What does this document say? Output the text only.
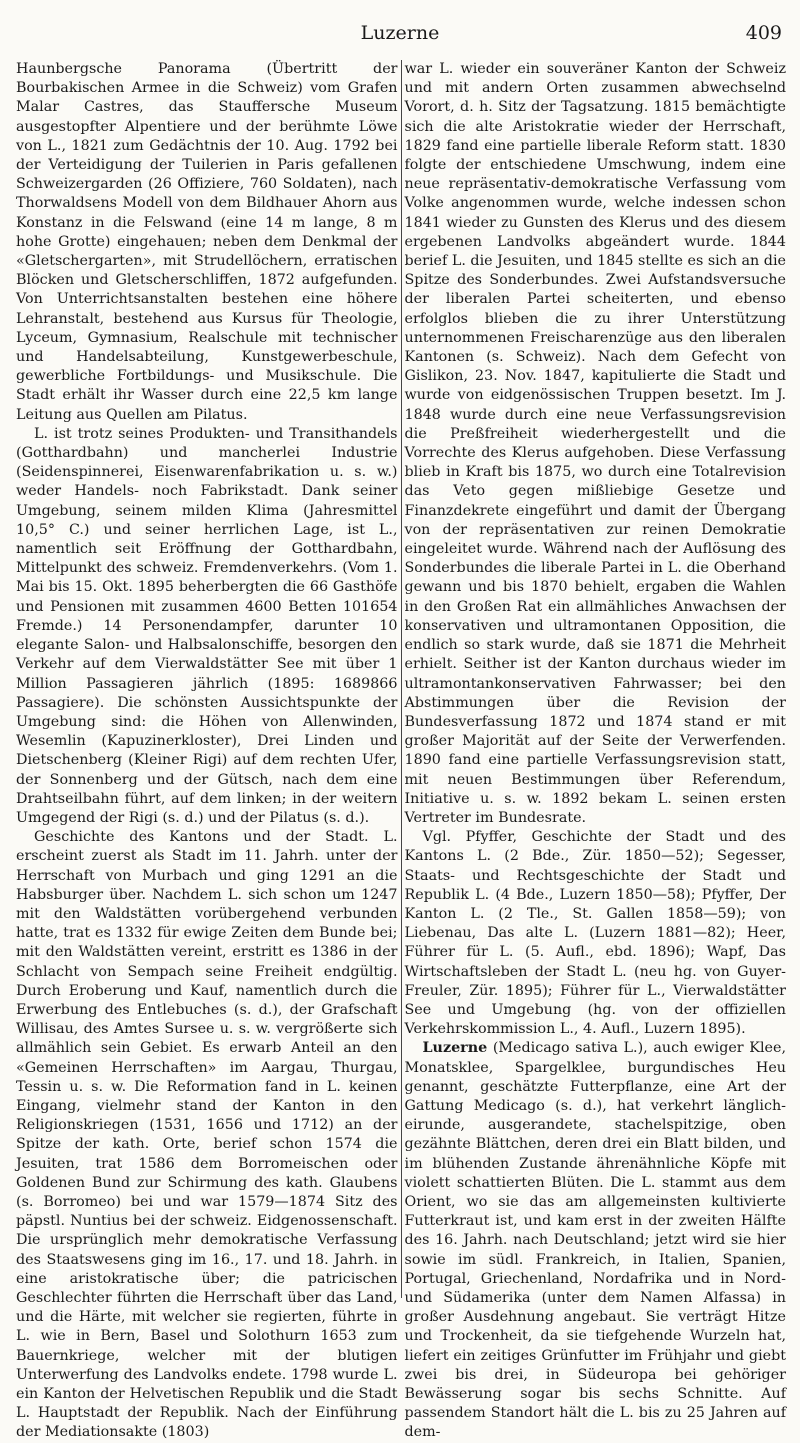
Luzerne	409

Haunbergsche Panorama (Übertritt der Bourbakischen Armee in die Schweiz) vom Grafen Malar Castres, das Stauffersche Museum ausgestopfter Alpentiere und der berühmte Löwe von L., 1821 zum Gedächtnis der 10. Aug. 1792 bei der Verteidigung der Tuilerien in Paris gefallenen Schweizergarden (26 Offiziere, 760 Soldaten), nach Thorwaldsens Modell von dem Bildhauer Ahorn aus Konstanz in die Felswand (eine 14 m lange, 8 m hohe Grotte) eingehauen; neben dem Denkmal der «Gletschergarten», mit Strudellöchern, erratischen Blöcken und Gletscherschliffen, 1872 aufgefunden. Von Unterrichtsanstalten bestehen eine höhere Lehranstalt, bestehend aus Kursus für Theologie, Lyceum, Gymnasium, Realschule mit technischer und Handelsabteilung, Kunstgewerbeschule, gewerbliche Fortbildungs- und Musikschule. Die Stadt erhält ihr Wasser durch eine 22,5 km lange Leitung aus Quellen am Pilatus.

L. ist trotz seines Produkten- und Transithandels (Gotthardbahn) und mancherlei Industrie (Seidenspinnerei, Eisenwarenfabrikation u. s. w.) weder Handels- noch Fabrikstadt. Dank seiner Umgebung, seinem milden Klima (Jahresmittel 10,5° C.) und seiner herrlichen Lage, ist L., namentlich seit Eröffnung der Gotthardbahn, Mittelpunkt des schweiz. Fremdenverkehrs. (Vom 1. Mai bis 15. Okt. 1895 beherbergten die 66 Gasthöfe und Pensionen mit zusammen 4600 Betten 101654 Fremde.) 14 Personendampfer, darunter 10 elegante Salon- und Halbsalonschiffe, besorgen den Verkehr auf dem Vierwaldstätter See mit über 1 Million Passagieren jährlich (1895: 1689866 Passagiere). Die schönsten Aussichtspunkte der Umgebung sind: die Höhen von Allenwinden, Wesemlin (Kapuzinerkloster), Drei Linden und Dietschenberg (Kleiner Rigi) auf dem rechten Ufer, der Sonnenberg und der Gütsch, nach dem eine Drahtseilbahn führt, auf dem linken; in der weitern Umgegend der Rigi (s. d.) und der Pilatus (s. d.).

Geschichte des Kantons und der Stadt. L. erscheint zuerst als Stadt im 11. Jahrh. unter der Herrschaft von Murbach und ging 1291 an die Habsburger über. Nachdem L. sich schon um 1247 mit den Waldstätten vorübergehend verbunden hatte, trat es 1332 für ewige Zeiten dem Bunde bei; mit den Waldstätten vereint, erstritt es 1386 in der Schlacht von Sempach seine Freiheit endgültig. Durch Eroberung und Kauf, namentlich durch die Erwerbung des Entlebuches (s. d.), der Grafschaft Willisau, des Amtes Sursee u. s. w. vergrößerte sich allmählich sein Gebiet. Es erwarb Anteil an den «Gemeinen Herrschaften» im Aargau, Thurgau, Tessin u. s. w. Die Reformation fand in L. keinen Eingang, vielmehr stand der Kanton in den Religionskriegen (1531, 1656 und 1712) an der Spitze der kath. Orte, berief schon 1574 die Jesuiten, trat 1586 dem Borromeischen oder Goldenen Bund zur Schirmung des kath. Glaubens (s. Borromeo) bei und war 1579—1874 Sitz des päpstl. Nuntius bei der schweiz. Eidgenossenschaft. Die ursprünglich mehr demokratische Verfassung des Staatswesens ging im 16., 17. und 18. Jahrh. in eine aristokratische über; die patricischen Geschlechter führten die Herrschaft über das Land, und die Härte, mit welcher sie regierten, führte in L. wie in Bern, Basel und Solothurn 1653 zum Bauernkriege, welcher mit der blutigen Unterwerfung des Landvolks endete. 1798 wurde L. ein Kanton der Helvetischen Republik und die Stadt L. Hauptstadt der Republik. Nach der Einführung der Mediationsakte (1803)

war L. wieder ein souveräner Kanton der Schweiz und mit andern Orten zusammen abwechselnd Vorort, d. h. Sitz der Tagsatzung. 1815 bemächtigte sich die alte Aristokratie wieder der Herrschaft, 1829 fand eine partielle liberale Reform statt. 1830 folgte der entschiedene Umschwung, indem eine neue repräsentativ-demokratische Verfassung vom Volke angenommen wurde, welche indessen schon 1841 wieder zu Gunsten des Klerus und des diesem ergebenen Landvolks abgeändert wurde. 1844 berief L. die Jesuiten, und 1845 stellte es sich an die Spitze des Sonderbundes. Zwei Aufstandsversuche der liberalen Partei scheiterten, und ebenso erfolglos blieben die zu ihrer Unterstützung unternommenen Freischarenzüge aus den liberalen Kantonen (s. Schweiz). Nach dem Gefecht von Gislikon, 23. Nov. 1847, kapitulierte die Stadt und wurde von eidgenössischen Truppen besetzt. Im J. 1848 wurde durch eine neue Verfassungsrevision die Preßfreiheit wiederhergestellt und die Vorrechte des Klerus aufgehoben. Diese Verfassung blieb in Kraft bis 1875, wo durch eine Totalrevision das Veto gegen mißliebige Gesetze und Finanzdekrete eingeführt und damit der Übergang von der repräsentativen zur reinen Demokratie eingeleitet wurde. Während nach der Auflösung des Sonderbundes die liberale Partei in L. die Oberhand gewann und bis 1870 behielt, ergaben die Wahlen in den Großen Rat ein allmähliches Anwachsen der konservativen und ultramontanen Opposition, die endlich so stark wurde, daß sie 1871 die Mehrheit erhielt. Seither ist der Kanton durchaus wieder im ultramontankonservativen Fahrwasser; bei den Abstimmungen über die Revision der Bundesverfassung 1872 und 1874 stand er mit großer Majorität auf der Seite der Verwerfenden. 1890 fand eine partielle Verfassungsrevision statt, mit neuen Bestimmungen über Referendum, Initiative u. s. w. 1892 bekam L. seinen ersten Vertreter im Bundesrate.

Vgl. Pfyffer, Geschichte der Stadt und des Kantons L. (2 Bde., Zür. 1850—52); Segesser, Staats- und Rechtsgeschichte der Stadt und Republik L. (4 Bde., Luzern 1850—58); Pfyffer, Der Kanton L. (2 Tle., St. Gallen 1858—59); von Liebenau, Das alte L. (Luzern 1881—82); Heer, Führer für L. (5. Aufl., ebd. 1896); Wapf, Das Wirtschaftsleben der Stadt L. (neu hg. von Guyer-Freuler, Zür. 1895); Führer für L., Vierwaldstätter See und Umgebung (hg. von der offiziellen Verkehrskommission L., 4. Aufl., Luzern 1895).

Luzerne (Medicago sativa L.), auch ewiger Klee, Monatsklee, Spargelklee, burgundisches Heu genannt, geschätzte Futterpflanze, eine Art der Gattung Medicago (s. d.), hat verkehrt länglich-eirunde, ausgerandete, stachelspitzige, oben gezähnte Blättchen, deren drei ein Blatt bilden, und im blühenden Zustande ährenähnliche Köpfe mit violett schattierten Blüten. Die L. stammt aus dem Orient, wo sie das am allgemeinsten kultivierte Futterkraut ist, und kam erst in der zweiten Hälfte des 16. Jahrh. nach Deutschland; jetzt wird sie hier sowie im südl. Frankreich, in Italien, Spanien, Portugal, Griechenland, Nordafrika und in Nord- und Südamerika (unter dem Namen Alfassa) in großer Ausdehnung angebaut. Sie verträgt Hitze und Trockenheit, da sie tiefgehende Wurzeln hat, liefert ein zeitiges Grünfutter im Frühjahr und giebt zwei bis drei, in Südeuropa bei gehöriger Bewässerung sogar bis sechs Schnitte. Auf passendem Standort hält die L. bis zu 25 Jahren auf dem-
